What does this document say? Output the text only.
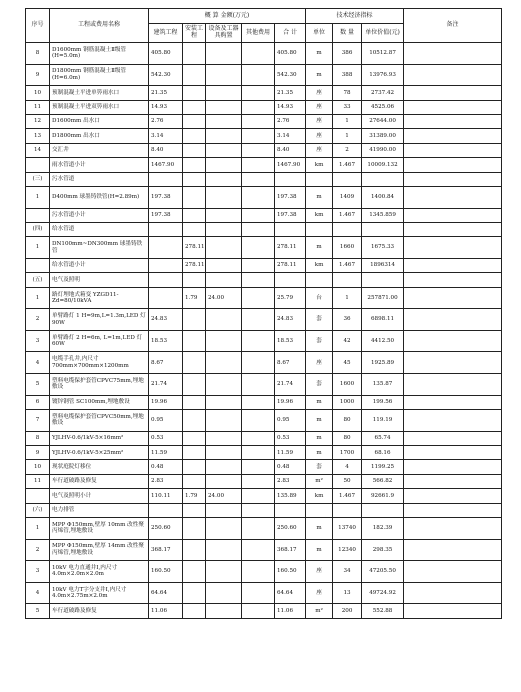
序号	工程或费用名称	概 算 金额(万元)					技术经济指标			备注
		建筑工程	安装工程	设备及工器具购置	其他费用	合 计	单位	数 量	单位价值(元)	
8	D1600mm 钢筋混凝土Ⅱ级管(H=5.0m)	405.80				405.80	m	386	10512.87	
9	D1800mm 钢筋混凝土Ⅱ级管(H=6.0m)	542.30				542.30	m	388	13976.93	
10	预制混凝土平进单箅雨水口	21.35				21.35	座	78	2737.42	
11	预制混凝土平进双箅雨水口	14.93				14.93	座	33	4525.06	
12	D1600mm 出水口	2.76				2.76	座	1	27644.00	
13	D1800mm 出水口	3.14				3.14	座	1	31389.00	
14	交汇井	8.40				8.40	座	2	41990.00	
	雨水管道小计	1467.90				1467.90	km	1.467	10009.132	
(三)	污水管道									
1	D400mm 球墨铸铁管(H=2.89m)	197.38				197.38	m	1409	1400.84	
	污水管道小计	197.38				197.38	km	1.467	1345.859	
(四)	给水管道									
1	DN100mm~DN300mm 球墨铸铁管		278.11			278.11	m	1660	1675.33	
	给水管道小计		278.11			278.11	km	1.467	1896314	
(五)	电气及照明									
1	路灯埋地式箱变 YZGD11-Zd=80/10kVA		1.79	24.00		25.79	台	1	257871.00	
2	单臂路灯 1 H=9m,L=1.3m,LED 灯 90W	24.83				24.83	套	36	6898.11	
3	单臂路灯 2 H=6m, L=1m,LED 灯 60W	18.53				18.53	套	42	4412.50	
4	电缆手孔井,内尺寸 700mm×700mm×1200mm	8.67				8.67	座	45	1925.89	
5	塑料电缆保护套管CPVC75mm,埋地敷设	21.74				21.74	套	1600	135.87	
6	镀锌钢管 SC100mm,埋地敷设	19.96				19.96	m	1000	199.56	
7	塑料电缆保护套管CPVC50mm,埋地敷设	0.95				0.95	m	80	119.19	
8	YJLHV-0.6/1kV-5×16mm²	0.53				0.53	m	80	65.74	
9	YJLHV-0.6/1kV-5×25mm²	11.59				11.59	m	1700	68.16	
10	现状庭院灯移位	0.48				0.48	套	4	1199.25	
11	车行道破路及修复	2.83				2.83	m²	50	566.82	
	电气及照明小计	110.11	1.79	24.00		135.89	km	1.467	92661.9	
(六)	电力排管									
1	MPP Φ150mm,壁厚 10mm 改性聚丙烯管,埋地敷设	250.60				250.60	m	13740	182.39	
2	MPP Φ150mm,壁厚 14mm 改性聚丙烯管,埋地敷设	368.17				368.17	m	12340	298.35	
3	10kV 电力直通井Ⅰ,内尺寸 4.0m×2.0m×2.0m	160.50				160.50	座	34	47205.50	
4	10kV 电力T字分支井Ⅰ,内尺寸 4.0m×2.75m×2.0m	64.64				64.64	座	13	49724.92	
5	车行道破路及修复	11.06				11.06	m²	200	552.88	
